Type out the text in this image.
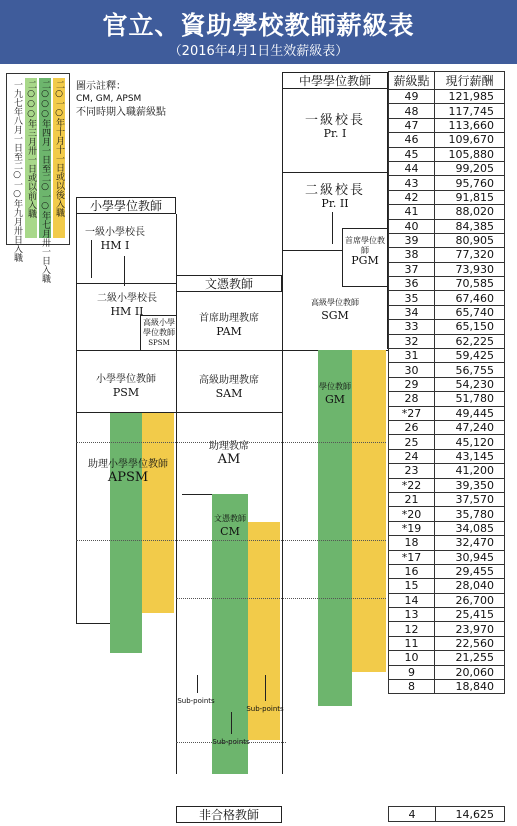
官立、資助學校教師薪級表
（2016年4月1日生效薪級表）
二○一○年十月十一日或以後入職
二○○○年四月一日至二○一○年七月卅一日入職
二○○○年三月卅一日或以前入職
一九七年八月一日至二○一○年九月卅日入職	圖示註釋：
CM, GM, APSM
不同時期入職薪級點
小學學位教師
文憑教師
中學學位教師
一級小學校長
HM I
二級小學校長
HM II
高級小學學位教師
SPSM
小學學位教師
PSM
助理小學學位教師
APSM
首席助理教席
PAM
高級助理教席
SAM
助理教席
AM
文憑教師
CM
Sub-points
Sub-points
Sub-points
一級校長
Pr. I
二級校長
Pr. II
首席學位教師
PGM
高級學位教師
SGM
學位教師
GM
薪級點	現行薪酬
49	121,985
48	117,745
47	113,660
46	109,670
45	105,880
44	99,205
43	95,760
42	91,815
41	88,020
40	84,385
39	80,905
38	77,320
37	73,930
36	70,585
35	67,460
34	65,740
33	65,150
32	62,225
31	59,425
30	56,755
29	54,230
28	51,780
*27	49,445
26	47,240
25	45,120
24	43,145
23	41,200
*22	39,350
21	37,570
*20	35,780
*19	34,085
18	32,470
*17	30,945
16	29,455
15	28,040
14	26,700
13	25,415
12	23,970
11	22,560
10	21,255
9	20,060
8	18,840
非合格教師	4	14,625
